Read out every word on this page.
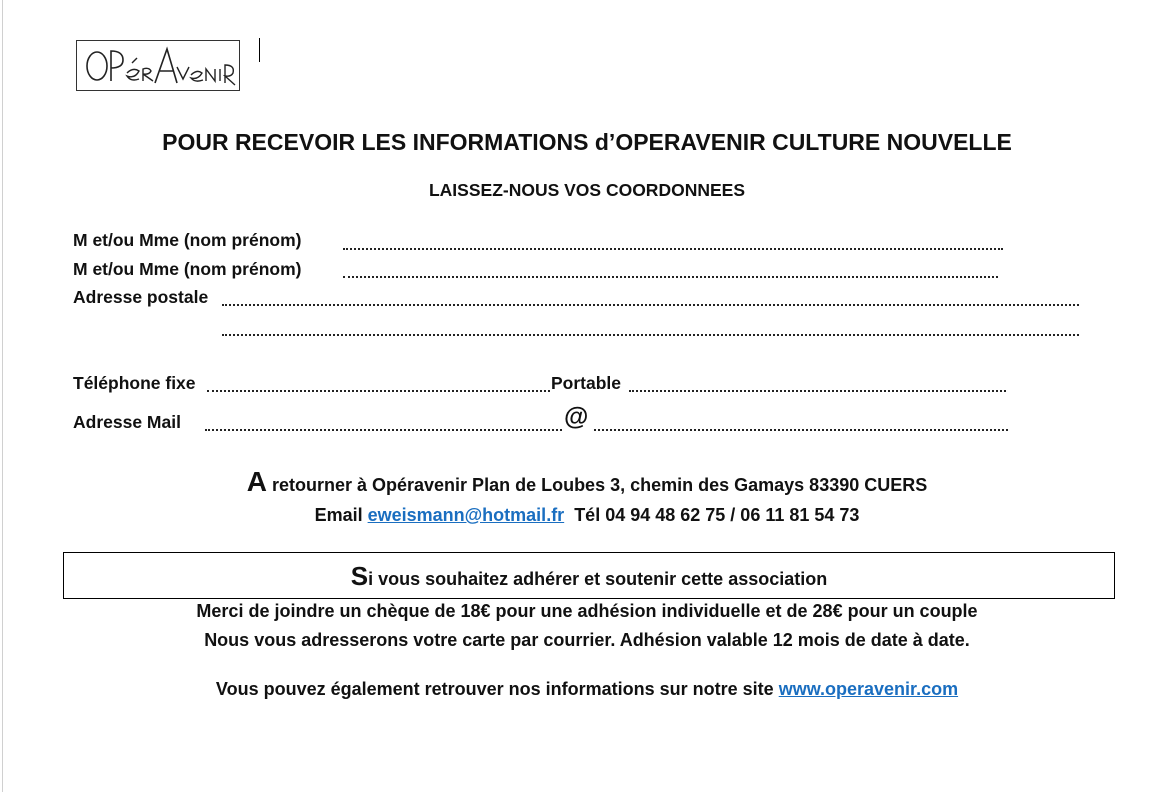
POUR RECEVOIR LES INFORMATIONS d’OPERAVENIR CULTURE NOUVELLE
LAISSEZ-NOUS VOS COORDONNEES
M et/ou Mme (nom prénom)
M et/ou Mme (nom prénom)
Adresse postale
Téléphone fixe	Portable
Adresse Mail	@
A retourner à Opéravenir Plan de Loubes 3, chemin des Gamays 83390 CUERS
Email eweismann@hotmail.fr  Tél 04 94 48 62 75 / 06 11 81 54 73
Si vous souhaitez adhérer et soutenir cette association
Merci de joindre un chèque de 18€ pour une adhésion individuelle et de 28€ pour un couple
Nous vous adresserons votre carte par courrier. Adhésion valable 12 mois de date à date.
Vous pouvez également retrouver nos informations sur notre site www.operavenir.com
